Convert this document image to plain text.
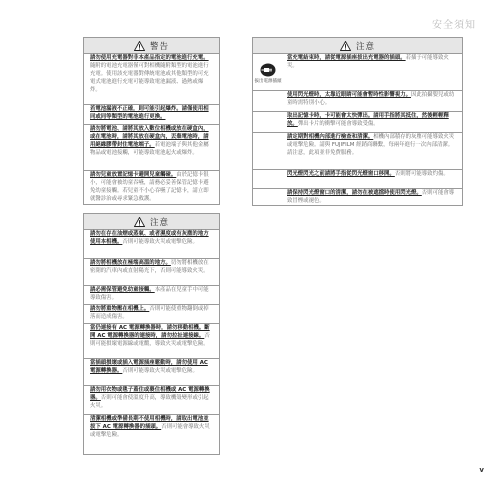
安全須知
警告
請勿使用充電器對非本產品指定的電池進行充電。隨附的電池充電器僅可對相機隨附類型的電池進行充電。使用該充電器對傳統電池或其他類型的可充電式電池進行充電可能導致電池漏液、過熱或爆炸。
若電池漏液不正確，則可能引起爆炸。請僅使用相同或同等類型的電池進行更換。
請勿將電池、請將其放入數位相機或放在硬盒內，或在電池時，請將其放在硬盒內，丟棄電池時，請用絕緣膠帶封住電池端子。若電池端子與其他金屬物品或電池接觸，可能導致電池起火或爆炸。
請勿兒童放置記憶卡避開兒童觸碰。由於記憶卡很小，可能會被幼童吞嚥，請務必妥善保管記憶卡避免幼童接觸。若兒童不小心吞嚥了記憶卡，請立即就醫診治或尋求緊急救護。
注意
請勿在存在油煙或蒸氣、或者濕度或有灰塵的地方使用本相機。否則可能導致火災或電擊危險。
請勿將相機放在極端高溫的地方。切勿將相機放在密閉的汽車內或直射陽光下，否則可能導致火災。
請必需保管避免幼童接觸。本產品在兒童手中可能導致傷害。
請勿將重物壓在相機上。否則可能使重物翻倒或掉落而造成傷害。
當仍連接有 AC 電源轉換器時，請勿移動相機。斷開 AC 電源轉換器的連接時，請勿拉扯連接線。否則可能損壞電源線或電纜，導致火災或電擊危險。
當插頭損壞或插入電源插座鬆動時，請勿使用 AC 電源轉換器。否則可能導致火災或電擊危險。
請勿用衣物或毯子蓋住或裹住相機或 AC 電源轉換器。否則可能會使溫度升高，導致機殼變形或引起火災。
清潔相機或準備長期不使用相機時，請取出電池並拔下 AC 電源轉換器的插頭。否則可能會導致火災或電擊危險。
注意
拔出電源插頭
當充電結束時，請從電源插座拔出充電器的插頭。若插于可能導致火災。
使用閃光燈時，太靠近眼睛可能會暫時性影響視力。因此拍攝嬰兒或幼童時需特別小心。
取出記憶卡時，卡可能會太快彈出。請用手指將其抵住，然後輕輕釋放。彈出卡片的衝擊可能會導致受傷。
請定期對相機內部進行檢查和清潔。相機內部積存的灰塵可能導致火災或電擊危險。請與 FUJIFILM 經銷商聯繫，每兩年進行一次內部清潔。請注意，此項並非免費服務。
閃光燈閃光之前請將手指從閃光燈窗口移開。否則將可能導致灼傷。
請保持閃光燈窗口的清潔，請勿在被遮擋時使用閃光燈。否則可能會導致冒煙或褪色。
v
